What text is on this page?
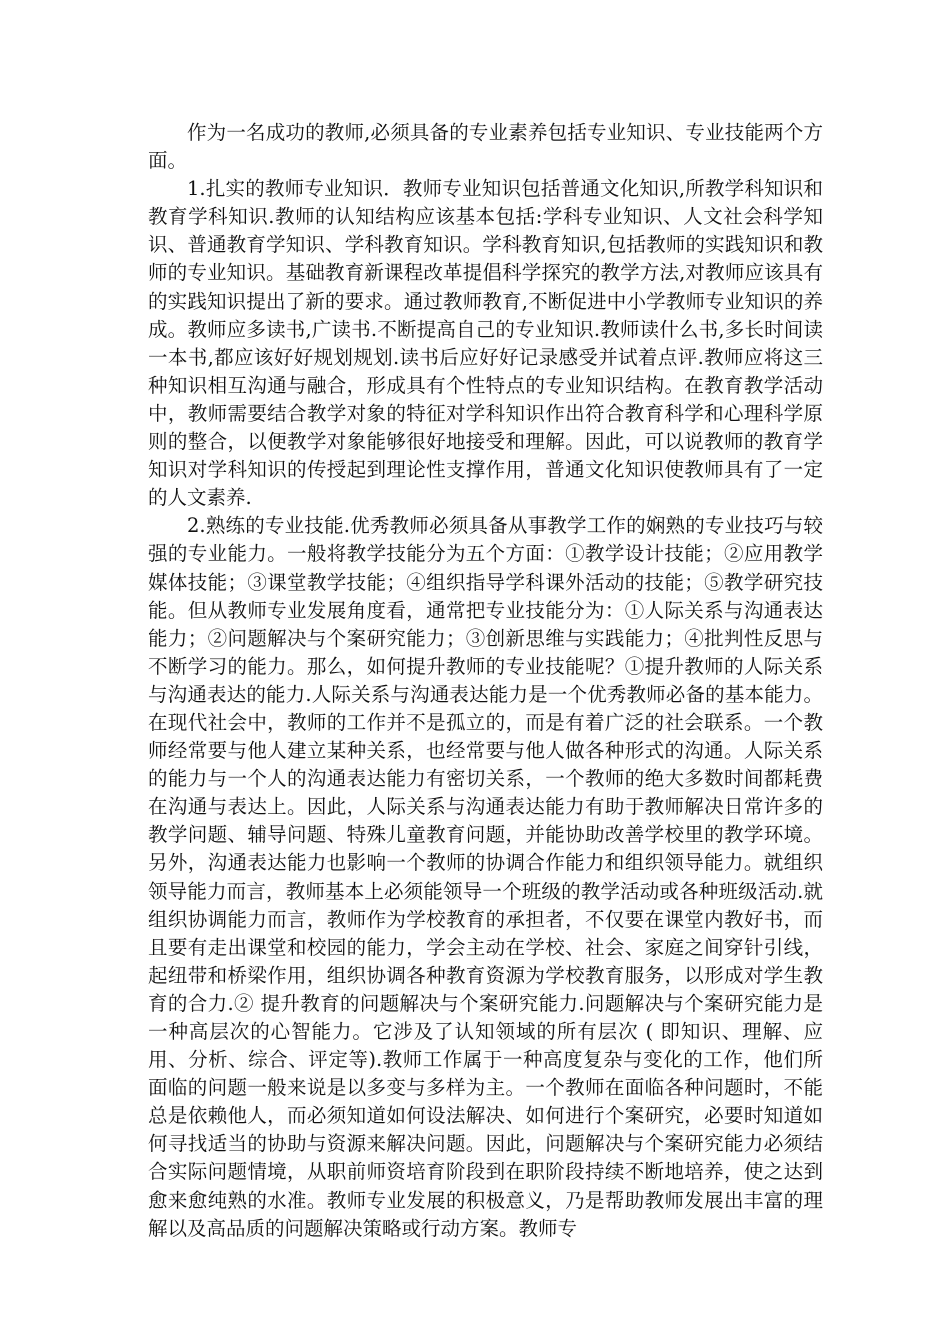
作为一名成功的教师,必须具备的专业素养包括专业知识、专业技能两个方面。

1.扎实的教师专业知识．教师专业知识包括普通文化知识,所教学科知识和教育学科知识.教师的认知结构应该基本包括:学科专业知识、人文社会科学知识、普通教育学知识、学科教育知识。学科教育知识,包括教师的实践知识和教师的专业知识。基础教育新课程改革提倡科学探究的教学方法,对教师应该具有的实践知识提出了新的要求。通过教师教育,不断促进中小学教师专业知识的养成。教师应多读书,广读书.不断提高自己的专业知识.教师读什么书,多长时间读一本书,都应该好好规划规划.读书后应好好记录感受并试着点评.教师应将这三种知识相互沟通与融合，形成具有个性特点的专业知识结构。在教育教学活动中，教师需要结合教学对象的特征对学科知识作出符合教育科学和心理科学原则的整合，以便教学对象能够很好地接受和理解。因此，可以说教师的教育学知识对学科知识的传授起到理论性支撑作用，普通文化知识使教师具有了一定的人文素养.

2.熟练的专业技能.优秀教师必须具备从事教学工作的娴熟的专业技巧与较强的专业能力。一般将教学技能分为五个方面：①教学设计技能；②应用教学媒体技能；③课堂教学技能；④组织指导学科课外活动的技能；⑤教学研究技能。但从教师专业发展角度看，通常把专业技能分为：①人际关系与沟通表达能力；②问题解决与个案研究能力；③创新思维与实践能力；④批判性反思与不断学习的能力。那么，如何提升教师的专业技能呢？①提升教师的人际关系与沟通表达的能力.人际关系与沟通表达能力是一个优秀教师必备的基本能力。在现代社会中，教师的工作并不是孤立的，而是有着广泛的社会联系。一个教师经常要与他人建立某种关系，也经常要与他人做各种形式的沟通。人际关系的能力与一个人的沟通表达能力有密切关系，一个教师的绝大多数时间都耗费在沟通与表达上。因此，人际关系与沟通表达能力有助于教师解决日常许多的教学问题、辅导问题、特殊儿童教育问题，并能协助改善学校里的教学环境。另外，沟通表达能力也影响一个教师的协调合作能力和组织领导能力。就组织领导能力而言，教师基本上必须能领导一个班级的教学活动或各种班级活动.就组织协调能力而言，教师作为学校教育的承担者，不仅要在课堂内教好书，而且要有走出课堂和校园的能力，学会主动在学校、社会、家庭之间穿针引线，起纽带和桥梁作用，组织协调各种教育资源为学校教育服务，以形成对学生教育的合力.② 提升教育的问题解决与个案研究能力.问题解决与个案研究能力是一种高层次的心智能力。它涉及了认知领域的所有层次 ( 即知识、理解、应用、分析、综合、评定等).教师工作属于一种高度复杂与变化的工作，他们所面临的问题一般来说是以多变与多样为主。一个教师在面临各种问题时，不能总是依赖他人，而必须知道如何设法解决、如何进行个案研究，必要时知道如何寻找适当的协助与资源来解决问题。因此，问题解决与个案研究能力必须结合实际问题情境，从职前师资培育阶段到在职阶段持续不断地培养，使之达到愈来愈纯熟的水准。教师专业发展的积极意义，乃是帮助教师发展出丰富的理解以及高品质的问题解决策略或行动方案。教师专
